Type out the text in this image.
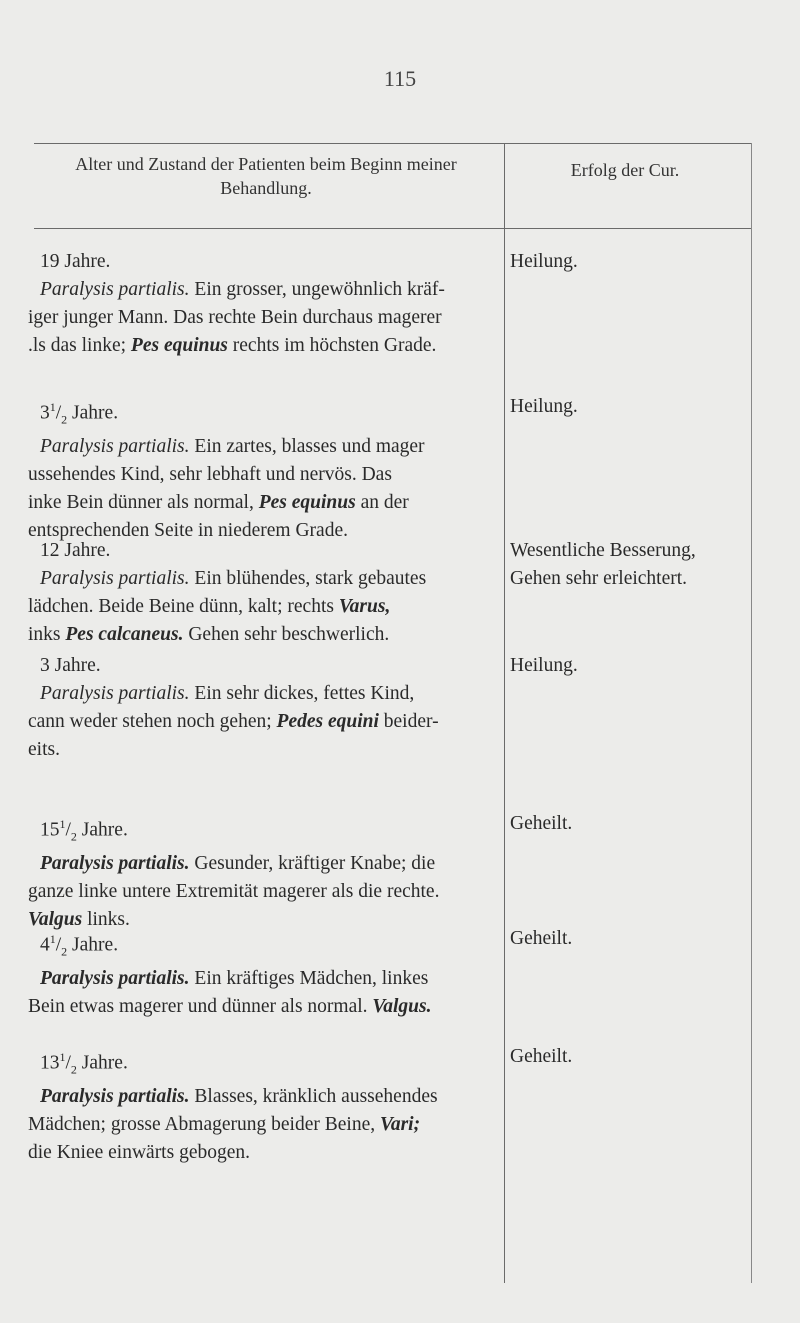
115
Alter und Zustand der Patienten beim Beginn meiner
Behandlung.
Erfolg der Cur.
19 Jahre.
Paralysis partialis. Ein grosser, ungewöhnlich kräf-
iger junger Mann. Das rechte Bein durchaus magerer
.ls das linke; Pes equinus rechts im höchsten Grade.
Heilung.
$3^1/_2$ Jahre.
Paralysis partialis. Ein zartes, blasses und mager
ussehendes Kind, sehr lebhaft und nervös. Das
inke Bein dünner als normal, Pes equinus an der
entsprechenden Seite in niederem Grade.
Heilung.
12 Jahre.
Paralysis partialis. Ein blühendes, stark gebautes
lädchen. Beide Beine dünn, kalt; rechts Varus,
inks Pes calcaneus. Gehen sehr beschwerlich.
Wesentliche Besserung,
Gehen sehr erleichtert.
3 Jahre.
Paralysis partialis. Ein sehr dickes, fettes Kind,
cann weder stehen noch gehen; Pedes equini beider-
eits.
Heilung.
$15^1/_2$ Jahre.
Paralysis partialis. Gesunder, kräftiger Knabe; die
ganze linke untere Extremität magerer als die rechte.
Valgus links.
Geheilt.
$4^1/_2$ Jahre.
Paralysis partialis. Ein kräftiges Mädchen, linkes
Bein etwas magerer und dünner als normal. Valgus.
Geheilt.
$13^1/_2$ Jahre.
Paralysis partialis. Blasses, kränklich aussehendes
Mädchen; grosse Abmagerung beider Beine, Vari;
die Kniee einwärts gebogen.
Geheilt.
